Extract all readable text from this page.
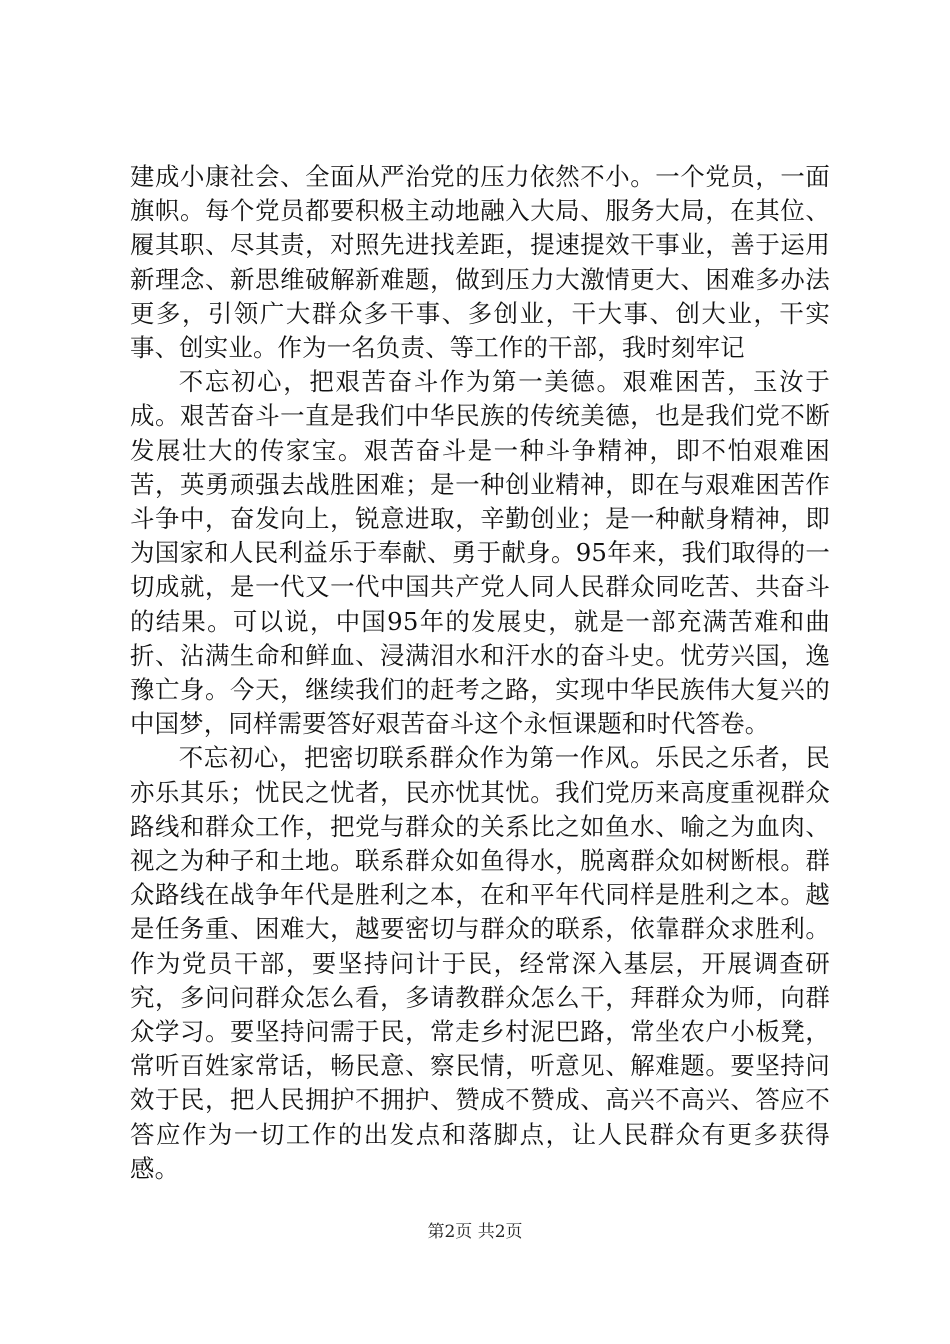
建成小康社会、全面从严治党的压力依然不小。一个党员，一面旗帜。每个党员都要积极主动地融入大局、服务大局，在其位、履其职、尽其责，对照先进找差距，提速提效干事业，善于运用新理念、新思维破解新难题，做到压力大激情更大、困难多办法更多，引领广大群众多干事、多创业，干大事、创大业，干实事、创实业。作为一名负责、等工作的干部，我时刻牢记

不忘初心，把艰苦奋斗作为第一美德。艰难困苦，玉汝于成。艰苦奋斗一直是我们中华民族的传统美德，也是我们党不断发展壮大的传家宝。艰苦奋斗是一种斗争精神，即不怕艰难困苦，英勇顽强去战胜困难；是一种创业精神，即在与艰难困苦作斗争中，奋发向上，锐意进取，辛勤创业；是一种献身精神，即为国家和人民利益乐于奉献、勇于献身。95年来，我们取得的一切成就，是一代又一代中国共产党人同人民群众同吃苦、共奋斗的结果。可以说，中国95年的发展史，就是一部充满苦难和曲折、沾满生命和鲜血、浸满泪水和汗水的奋斗史。忧劳兴国，逸豫亡身。今天，继续我们的赶考之路，实现中华民族伟大复兴的中国梦，同样需要答好艰苦奋斗这个永恒课题和时代答卷。

不忘初心，把密切联系群众作为第一作风。乐民之乐者，民亦乐其乐；忧民之忧者，民亦忧其忧。我们党历来高度重视群众路线和群众工作，把党与群众的关系比之如鱼水、喻之为血肉、视之为种子和土地。联系群众如鱼得水，脱离群众如树断根。群众路线在战争年代是胜利之本，在和平年代同样是胜利之本。越是任务重、困难大，越要密切与群众的联系，依靠群众求胜利。作为党员干部，要坚持问计于民，经常深入基层，开展调查研究，多问问群众怎么看，多请教群众怎么干，拜群众为师，向群众学习。要坚持问需于民，常走乡村泥巴路，常坐农户小板凳，常听百姓家常话，畅民意、察民情，听意见、解难题。要坚持问效于民，把人民拥护不拥护、赞成不赞成、高兴不高兴、答应不答应作为一切工作的出发点和落脚点，让人民群众有更多获得感。

第2页 共2页
